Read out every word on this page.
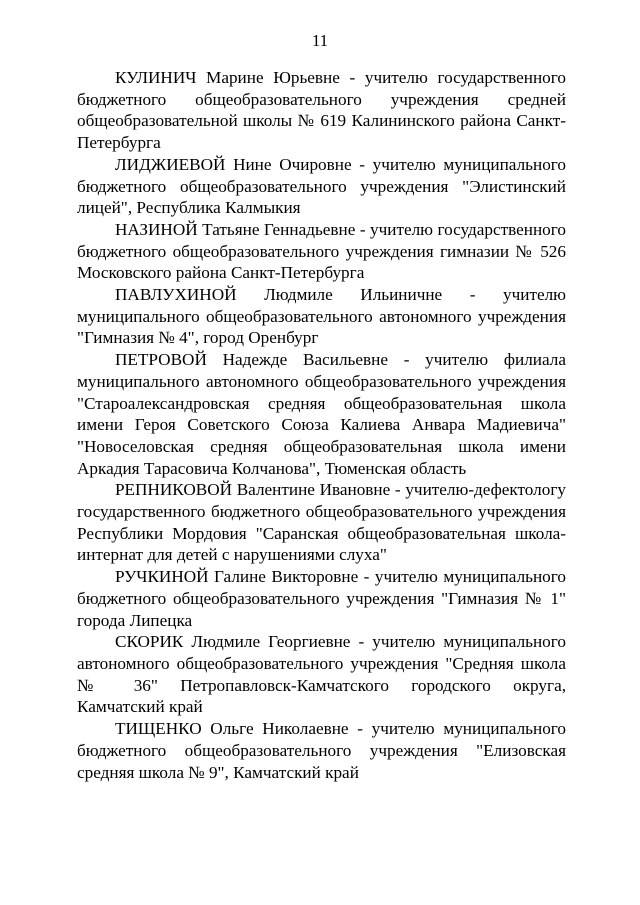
11

КУЛИНИЧ Марине Юрьевне - учителю государственного бюджетного общеобразовательного учреждения средней общеобразовательной школы № 619 Калининского района Санкт-Петербурга

ЛИДЖИЕВОЙ Нине Очировне - учителю муниципального бюджетного общеобразовательного учреждения "Элистинский лицей", Республика Калмыкия

НАЗИНОЙ Татьяне Геннадьевне - учителю государственного бюджетного общеобразовательного учреждения гимназии № 526 Московского района Санкт-Петербурга

ПАВЛУХИНОЙ Людмиле Ильиничне - учителю муниципального общеобразовательного автономного учреждения "Гимназия № 4", город Оренбург

ПЕТРОВОЙ Надежде Васильевне - учителю филиала муниципального автономного общеобразовательного учреждения "Староалександровская средняя общеобразовательная школа имени Героя Советского Союза Калиева Анвара Мадиевича" "Новоселовская средняя общеобразовательная школа имени Аркадия Тарасовича Колчанова", Тюменская область

РЕПНИКОВОЙ Валентине Ивановне - учителю-дефектологу государственного бюджетного общеобразовательного учреждения Республики Мордовия "Саранская общеобразовательная школа-интернат для детей с нарушениями слуха"

РУЧКИНОЙ Галине Викторовне - учителю муниципального бюджетного общеобразовательного учреждения "Гимназия № 1" города Липецка

СКОРИК Людмиле Георгиевне - учителю муниципального автономного общеобразовательного учреждения "Средняя школа № 36" Петропавловск-Камчатского городского округа, Камчатский край

ТИЩЕНКО Ольге Николаевне - учителю муниципального бюджетного общеобразовательного учреждения "Елизовская средняя школа № 9", Камчатский край
